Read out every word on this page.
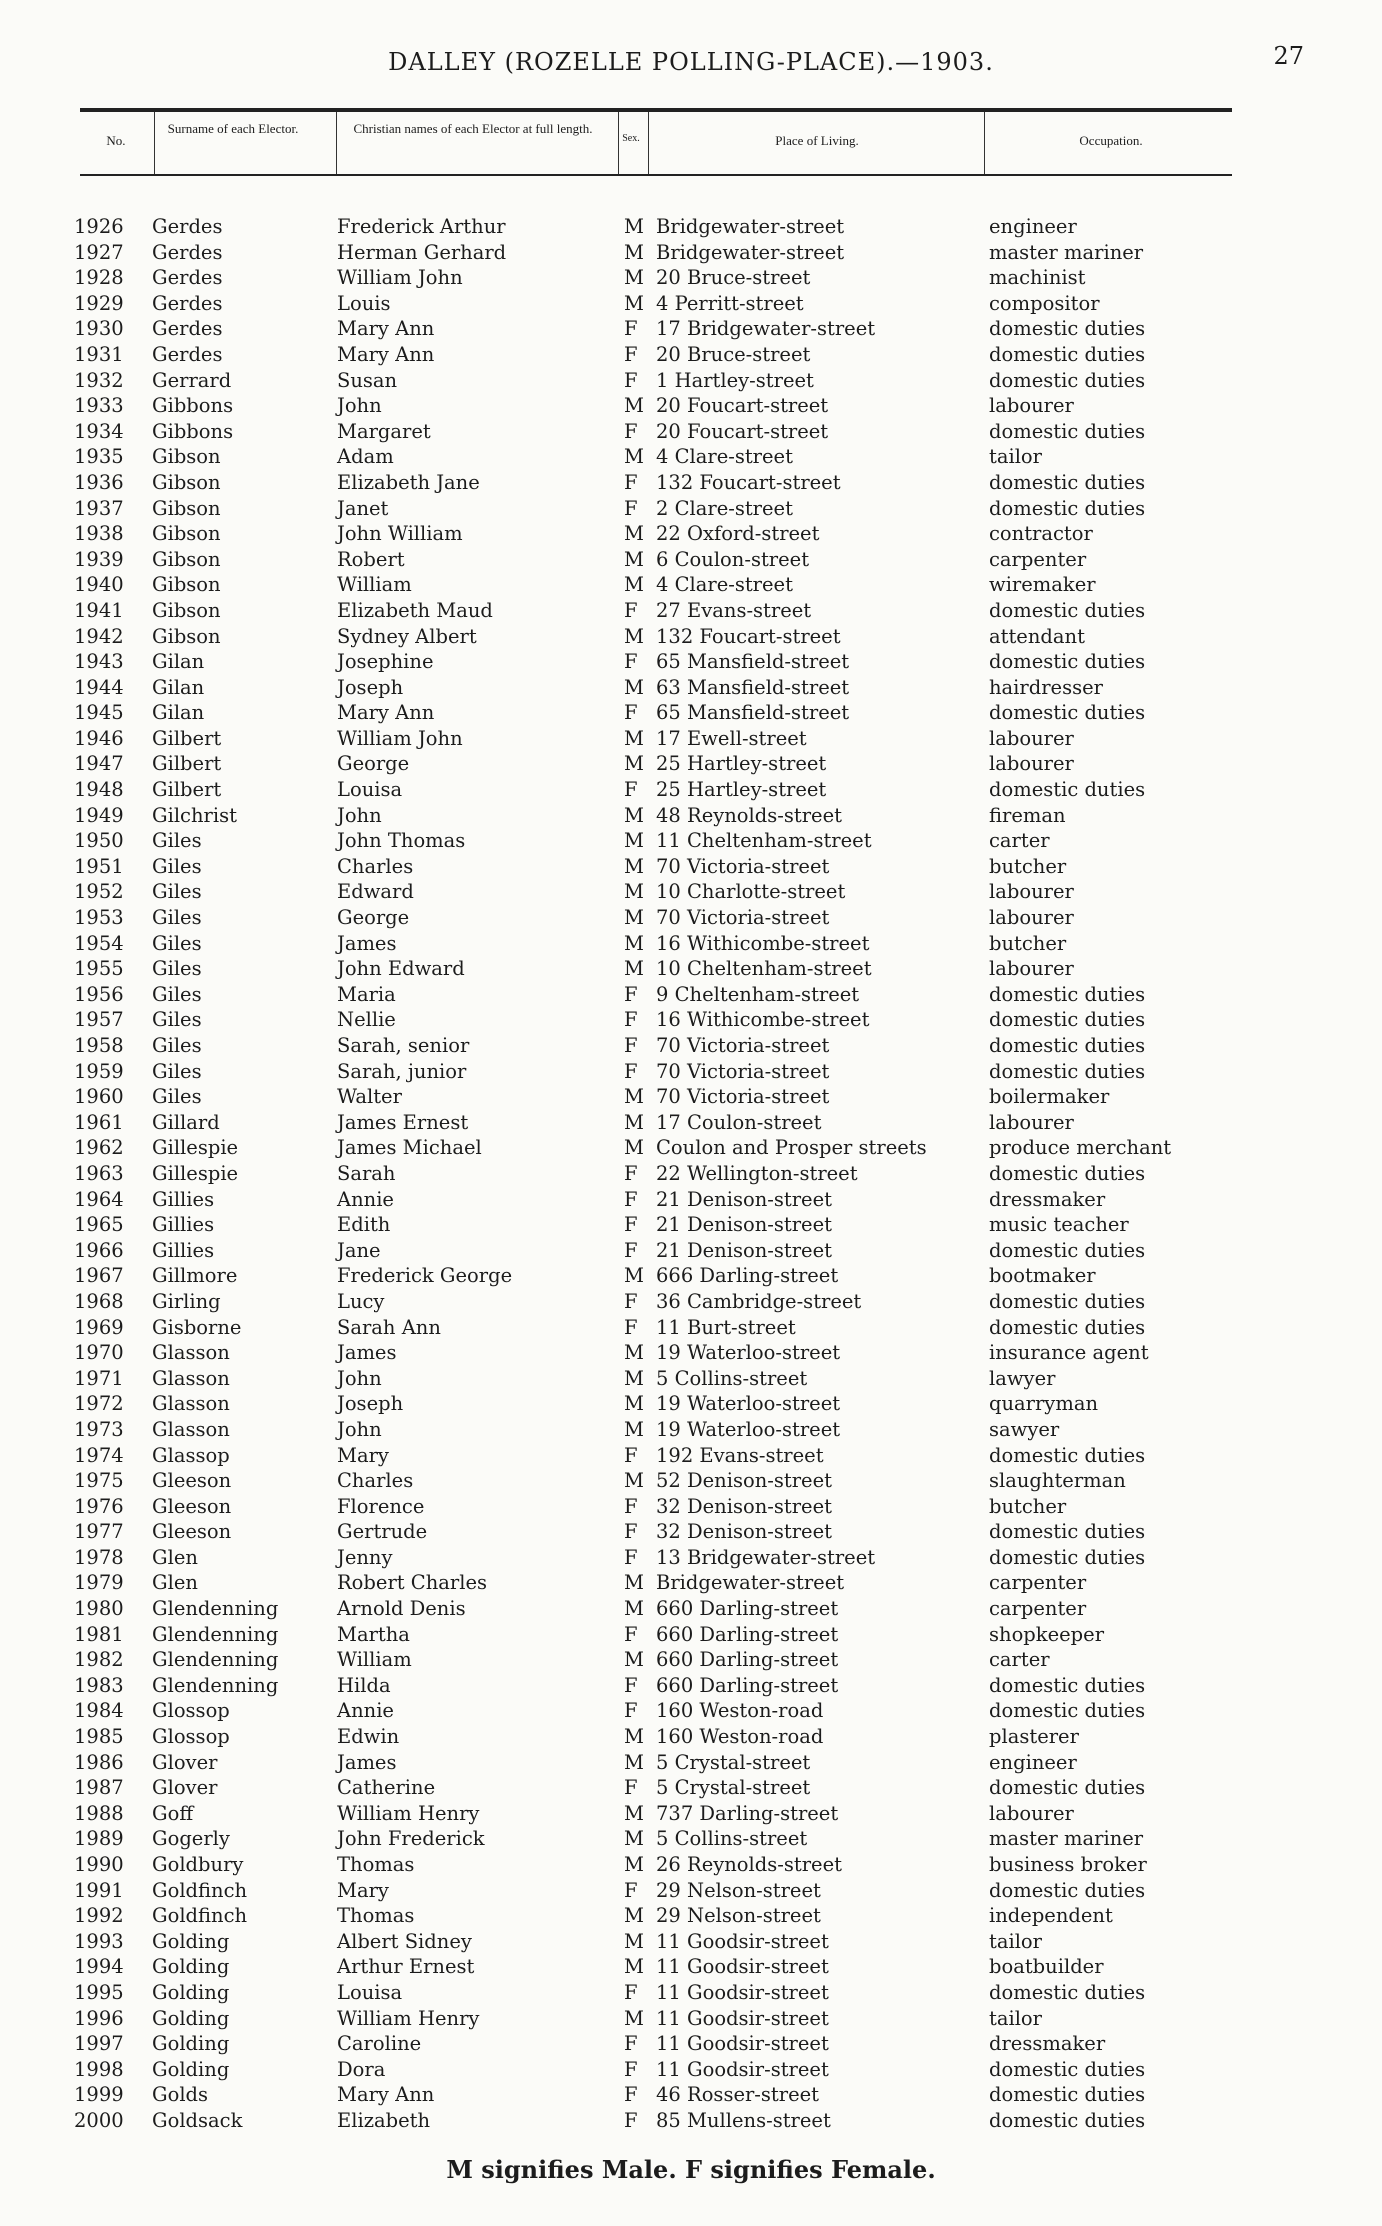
DALLEY (ROZELLE POLLING-PLACE).—1903.	27
No.
Surname of each Elector.	Christian names of each Elector at full length.
Sex.	Place of Living.	Occupation.
1926 Gerdes	Frederick Arthur	M Bridgewater-street	engineer
1927 Gerdes	Herman Gerhard	M Bridgewater-street	master mariner
1928 Gerdes	William John	M 20 Bruce-street	machinist
1929 Gerdes	Louis	M 4 Perritt-street	compositor
1930 Gerdes	Mary Ann	F 17 Bridgewater-street	domestic duties
1931 Gerdes	Mary Ann	F 20 Bruce-street	domestic duties
1932 Gerrard	Susan	F 1 Hartley-street	domestic duties
1933 Gibbons	John	M 20 Foucart-street	labourer
1934 Gibbons	Margaret	F 20 Foucart-street	domestic duties
1935 Gibson	Adam	M 4 Clare-street	tailor
1936 Gibson	Elizabeth Jane	F 132 Foucart-street	domestic duties
1937 Gibson	Janet	F 2 Clare-street	domestic duties
1938 Gibson	John William	M 22 Oxford-street	contractor
1939 Gibson	Robert	M 6 Coulon-street	carpenter
1940 Gibson	William	M 4 Clare-street	wiremaker
1941 Gibson	Elizabeth Maud	F 27 Evans-street	domestic duties
1942 Gibson	Sydney Albert	M 132 Foucart-street	attendant
1943 Gilan	Josephine	F 65 Mansfield-street	domestic duties
1944 Gilan	Joseph	M 63 Mansfield-street	hairdresser
1945 Gilan	Mary Ann	F 65 Mansfield-street	domestic duties
1946 Gilbert	William John	M 17 Ewell-street	labourer
1947 Gilbert	George	M 25 Hartley-street	labourer
1948 Gilbert	Louisa	F 25 Hartley-street	domestic duties
1949 Gilchrist	John	M 48 Reynolds-street	fireman
1950 Giles	John Thomas	M 11 Cheltenham-street	carter
1951 Giles	Charles	M 70 Victoria-street	butcher
1952 Giles	Edward	M 10 Charlotte-street	labourer
1953 Giles	George	M 70 Victoria-street	labourer
1954 Giles	James	M 16 Withicombe-street	butcher
1955 Giles	John Edward	M 10 Cheltenham-street	labourer
1956 Giles	Maria	F 9 Cheltenham-street	domestic duties
1957 Giles	Nellie	F 16 Withicombe-street	domestic duties
1958 Giles	Sarah, senior	F 70 Victoria-street	domestic duties
1959 Giles	Sarah, junior	F 70 Victoria-street	domestic duties
1960 Giles	Walter	M 70 Victoria-street	boilermaker
1961 Gillard	James Ernest	M 17 Coulon-street	labourer
1962 Gillespie	James Michael	M Coulon and Prosper streets	produce merchant
1963 Gillespie	Sarah	F 22 Wellington-street	domestic duties
1964 Gillies	Annie	F 21 Denison-street	dressmaker
1965 Gillies	Edith	F 21 Denison-street	music teacher
1966 Gillies	Jane	F 21 Denison-street	domestic duties
1967 Gillmore	Frederick George	M 666 Darling-street	bootmaker
1968 Girling	Lucy	F 36 Cambridge-street	domestic duties
1969 Gisborne	Sarah Ann	F 11 Burt-street	domestic duties
1970 Glasson	James	M 19 Waterloo-street	insurance agent
1971 Glasson	John	M 5 Collins-street	lawyer
1972 Glasson	Joseph	M 19 Waterloo-street	quarryman
1973 Glasson	John	M 19 Waterloo-street	sawyer
1974 Glassop	Mary	F 192 Evans-street	domestic duties
1975 Gleeson	Charles	M 52 Denison-street	slaughterman
1976 Gleeson	Florence	F 32 Denison-street	butcher
1977 Gleeson	Gertrude	F 32 Denison-street	domestic duties
1978 Glen	Jenny	F 13 Bridgewater-street	domestic duties
1979 Glen	Robert Charles	M Bridgewater-street	carpenter
1980 Glendenning	Arnold Denis	M 660 Darling-street	carpenter
1981 Glendenning	Martha	F 660 Darling-street	shopkeeper
1982 Glendenning	William	M 660 Darling-street	carter
1983 Glendenning	Hilda	F 660 Darling-street	domestic duties
1984 Glossop	Annie	F 160 Weston-road	domestic duties
1985 Glossop	Edwin	M 160 Weston-road	plasterer
1986 Glover	James	M 5 Crystal-street	engineer
1987 Glover	Catherine	F 5 Crystal-street	domestic duties
1988 Goff	William Henry	M 737 Darling-street	labourer
1989 Gogerly	John Frederick	M 5 Collins-street	master mariner
1990 Goldbury	Thomas	M 26 Reynolds-street	business broker
1991 Goldfinch	Mary	F 29 Nelson-street	domestic duties
1992 Goldfinch	Thomas	M 29 Nelson-street	independent
1993 Golding	Albert Sidney	M 11 Goodsir-street	tailor
1994 Golding	Arthur Ernest	M 11 Goodsir-street	boatbuilder
1995 Golding	Louisa	F 11 Goodsir-street	domestic duties
1996 Golding	William Henry	M 11 Goodsir-street	tailor
1997 Golding	Caroline	F 11 Goodsir-street	dressmaker
1998 Golding	Dora	F 11 Goodsir-street	domestic duties
1999 Golds	Mary Ann	F 46 Rosser-street	domestic duties
2000 Goldsack	Elizabeth	F 85 Mullens-street	domestic duties
M signifies Male. F signifies Female.
